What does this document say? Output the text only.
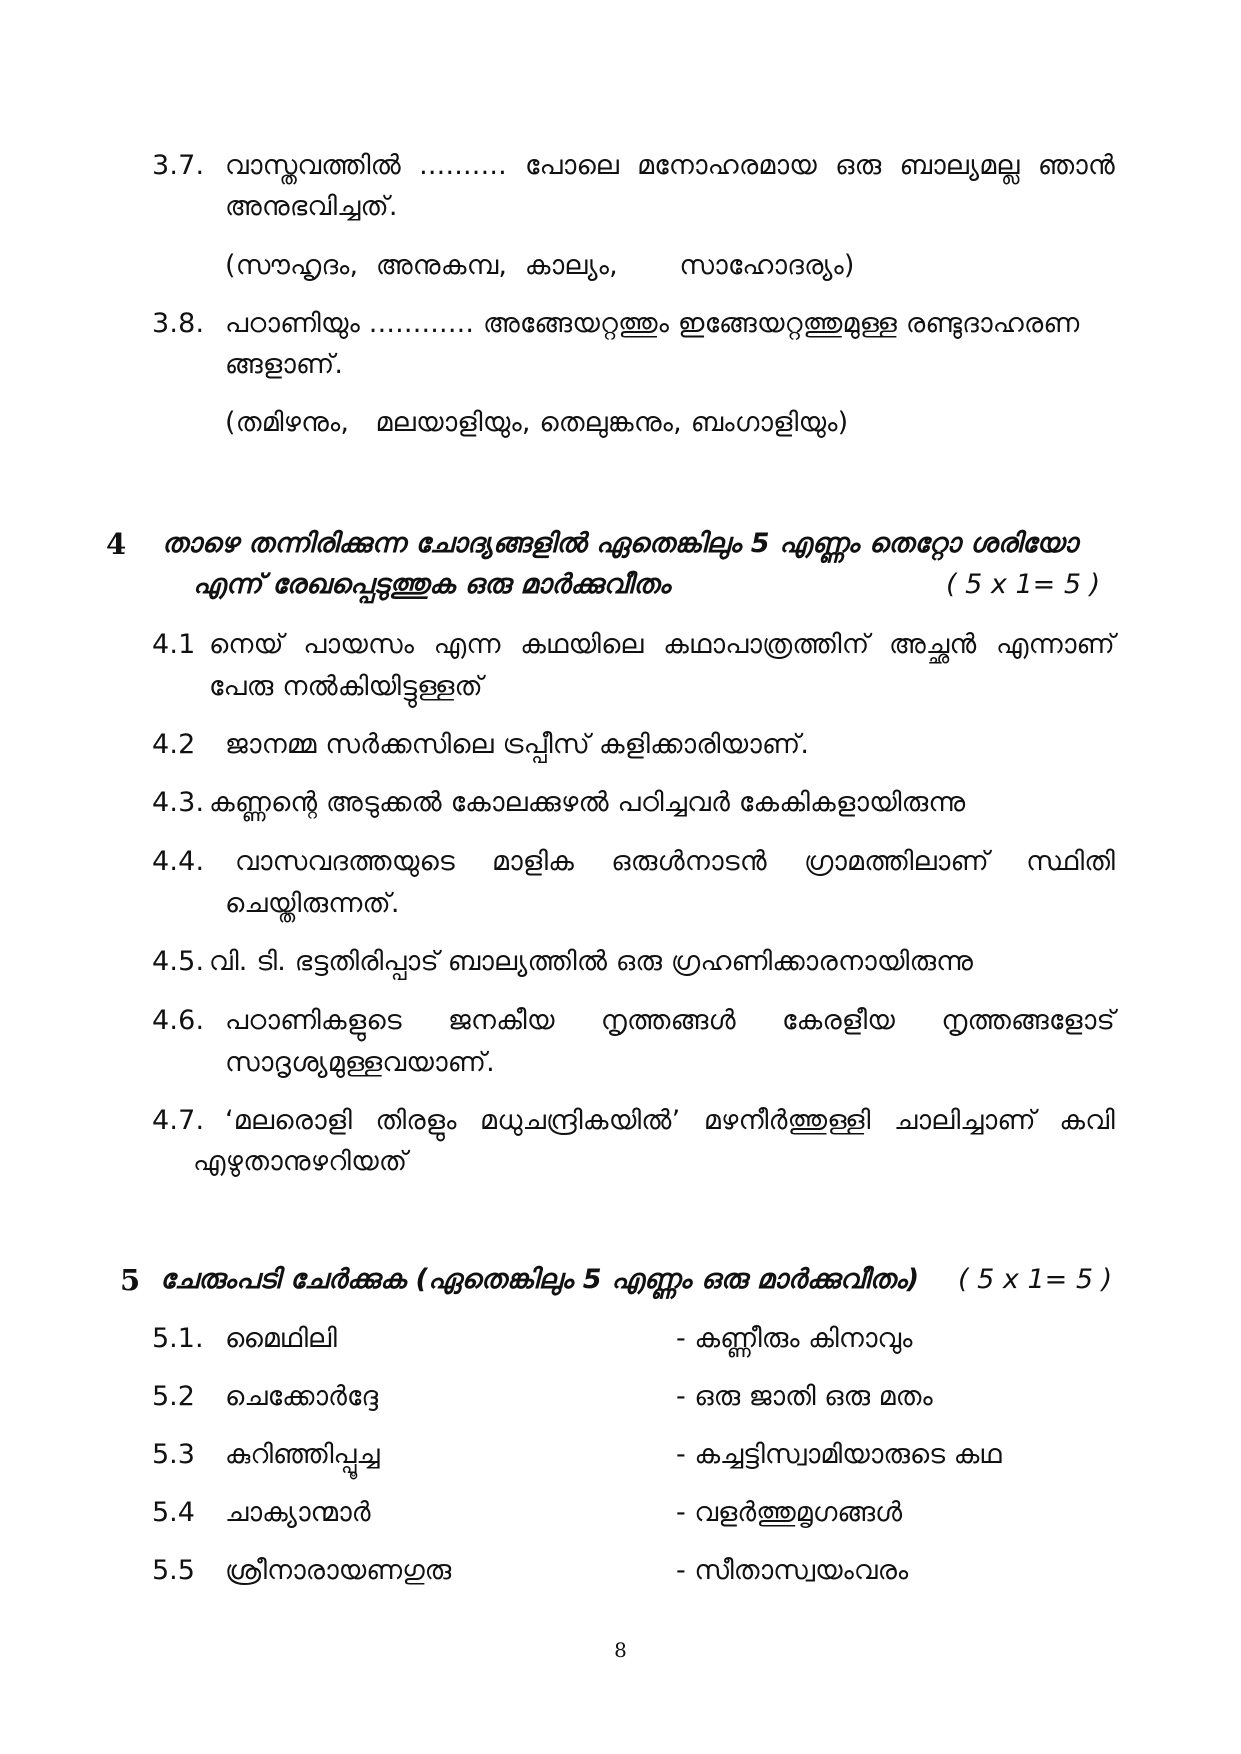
3.7. വാസ്തവത്തിൽ .......... പോലെ മനോഹരമായ ഒരു ബാല്യമല്ല ഞാൻ
അനുഭവിച്ചത്.
(സൗഹൃദം,  അനുകമ്പ,  കാല്യം,       സാഹോദര്യം)
3.8. പഠാണിയും ............ അങ്ങേയറ്റത്തും ഇങ്ങേയറ്റത്തുമുള്ള രണ്ടുദാഹരണ
ങ്ങളാണ്.
(തമിഴനും,   മലയാളിയും, തെലുങ്കനും, ബംഗാളിയും)
4 താഴെ തന്നിരിക്കുന്ന ചോദ്യങ്ങളിൽ ഏതെങ്കിലും 5 എണ്ണം തെറ്റോ ശരിയോ
എന്ന് രേഖപ്പെടുത്തുക ഒരു മാർക്കുവീതം	( 5 x 1= 5 )
4.1 നെയ് പായസം എന്ന കഥയിലെ കഥാപാത്രത്തിന് അച്ഛൻ എന്നാണ്
പേരു നൽകിയിട്ടുള്ളത്
4.2 ജാനമ്മ സർക്കസിലെ ട്രപ്പീസ് കളിക്കാരിയാണ്.
4.3. കണ്ണന്റെ അടുക്കൽ കോലക്കുഴൽ പഠിച്ചവർ കേകികളായിരുന്നു
4.4. വാസവദത്തയുടെ മാളിക ഒരുൾനാടൻ ഗ്രാമത്തിലാണ് സ്ഥിതി
ചെയ്തിരുന്നത്.
4.5. വി. ടി. ഭട്ടതിരിപ്പാട് ബാല്യത്തിൽ ഒരു ഗ്രഹണിക്കാരനായിരുന്നു
4.6. പഠാണികളുടെ ജനകീയ നൃത്തങ്ങൾ കേരളീയ നൃത്തങ്ങളോട്
സാദൃശ്യമുള്ളവയാണ്.
4.7. ‘മലരൊളി തിരളും മധുചന്ദ്രികയിൽ’ മഴനീർത്തുള്ളി ചാലിച്ചാണ് കവി
എഴുതാനുഴറിയത്
5 ചേരുംപടി ചേർക്കുക (ഏതെങ്കിലും 5 എണ്ണം ഒരു മാർക്കുവീതം) ( 5 x 1= 5 )
5.1. മൈഥിലി	- കണ്ണീരും കിനാവും
5.2 ചെക്കോർദ്ദേ	- ഒരു ജാതി ഒരു മതം
5.3 കുറിഞ്ഞിപ്പൂച്ച	- കച്ചട്ടിസ്വാമിയാരുടെ കഥ
5.4 ചാക്യാന്മാർ	- വളർത്തുമൃഗങ്ങൾ
5.5 ശ്രീനാരായണഗുരു	- സീതാസ്വയംവരം
8
